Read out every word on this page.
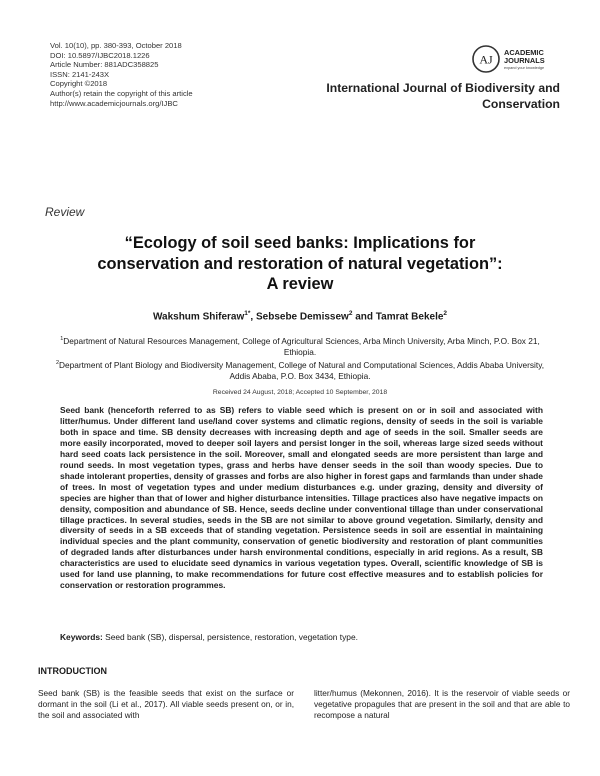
Vol. 10(10), pp. 380-393, October 2018
DOI: 10.5897/IJBC2018.1226
Article Number: 881ADC358825
ISSN: 2141-243X
Copyright ©2018
Author(s) retain the copyright of this article
http://www.academicjournals.org/IJBC
AJ ACADEMIC
JOURNALS
expand your knowledge
International Journal of Biodiversity and
Conservation
Review
“Ecology of soil seed banks: Implications for
conservation and restoration of natural vegetation”:
A review
Wakshum Shiferaw$^{1*}$, Sebsebe Demissew$^2$ and Tamrat Bekele$^2$
$^1$Department of Natural Resources Management, College of Agricultural Sciences, Arba Minch University, Arba Minch, P.O. Box 21, Ethiopia.
$^2$Department of Plant Biology and Biodiversity Management, College of Natural and Computational Sciences, Addis Ababa University, Addis Ababa, P.O. Box 3434, Ethiopia.
Received 24 August, 2018; Accepted 10 September, 2018
Seed bank (henceforth referred to as SB) refers to viable seed which is present on or in soil and associated with litter/humus. Under different land use/land cover systems and climatic regions, density of seeds in the soil is variable both in space and time. SB density decreases with increasing depth and age of seeds in the soil. Smaller seeds are more easily incorporated, moved to deeper soil layers and persist longer in the soil, whereas large sized seeds without hard seed coats lack persistence in the soil. Moreover, small and elongated seeds are more persistent than large and round seeds. In most vegetation types, grass and herbs have denser seeds in the soil than woody species. Due to shade intolerant properties, density of grasses and forbs are also higher in forest gaps and farmlands than under shade of trees. In most of vegetation types and under medium disturbances e.g. under grazing, density and diversity of species are higher than that of lower and higher disturbance intensities. Tillage practices also have negative impacts on density, composition and abundance of SB. Hence, seeds decline under conventional tillage than under conservational tillage practices. In several studies, seeds in the SB are not similar to above ground vegetation. Similarly, density and diversity of seeds in a SB exceeds that of standing vegetation. Persistence seeds in soil are essential in maintaining individual species and the plant community, conservation of genetic biodiversity and restoration of plant communities of degraded lands after disturbances under harsh environmental conditions, especially in arid regions. As a result, SB characteristics are used to elucidate seed dynamics in various vegetation types. Overall, scientific knowledge of SB is used for land use planning, to make recommendations for future cost effective measures and to establish policies for conservation or restoration programmes.
Keywords: Seed bank (SB), dispersal, persistence, restoration, vegetation type.
INTRODUCTION
Seed bank (SB) is the feasible seeds that exist on the surface or dormant in the soil (Li et al., 2017). All viable seeds present on, or in, the soil and associated with
litter/humus (Mekonnen, 2016). It is the reservoir of viable seeds or vegetative propagules that are present in the soil and that are able to recompose a natural
